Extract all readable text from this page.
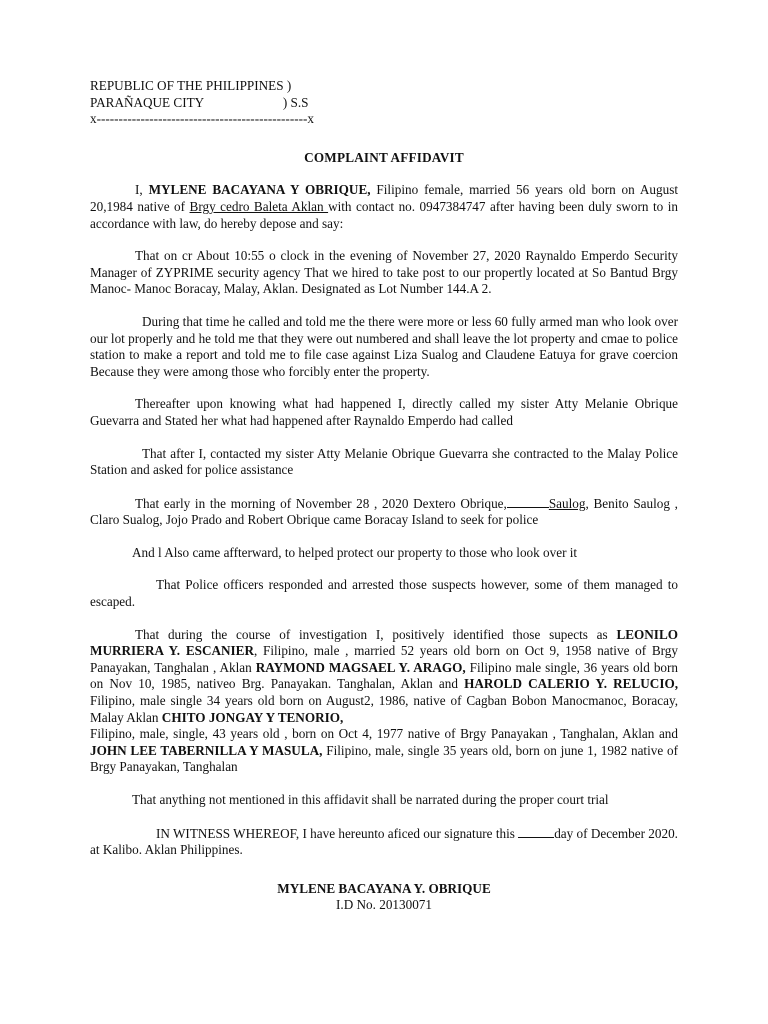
REPUBLIC OF THE PHILIPPINES )
PARAÑAQUE CITY                        ) S.S
x------------------------------------------------x
COMPLAINT AFFIDAVIT

I, MYLENE BACAYANA Y OBRIQUE, Filipino female, married 56 years old born on August 20,1984 native of Brgy cedro Baleta Aklan with contact no. 0947384747 after having been duly sworn to in accordance with law, do hereby depose and say:

That on cr About 10:55 o clock in the evening of November 27, 2020 Raynaldo Emperdo Security Manager of ZYPRIME security agency That we hired to take post to our propertly located at So Bantud Brgy Manoc- Manoc Boracay, Malay, Aklan. Designated as Lot Number 144.A 2.

During that time he called and told me the there were more or less 60 fully armed man who look over our lot properly and he told me that they were out numbered and shall leave the lot property and cmae to police station to make a report and told me to file case against Liza Sualog and Claudene Eatuya for grave coercion Because they were among those who forcibly enter the property.

Thereafter upon knowing what had happened I, directly called my sister Atty Melanie Obrique Guevarra and Stated her what had happened after Raynaldo Emperdo had called

That after I, contacted my sister Atty Melanie Obrique Guevarra she contracted to the Malay Police Station and asked for police assistance

That early in the morning of November 28 , 2020 Dextero Obrique,	Saulog, Benito Saulog , Claro Sualog, Jojo Prado and Robert Obrique came Boracay Island to seek for police

And l Also came affterward, to helped protect our property to those who look over it

That Police officers responded and arrested those suspects however, some of them managed to escaped.

That during the course of investigation I, positively identified those supects as LEONILO MURRIERA Y. ESCANIER, Filipino, male , married 52 years old born on Oct 9, 1958 native of Brgy Panayakan, Tanghalan , Aklan RAYMOND MAGSAEL Y. ARAGO, Filipino male single, 36 years old born on Nov 10, 1985, nativeo Brg. Panayakan. Tanghalan, Aklan and HAROLD CALERIO Y. RELUCIO, Filipino, male single 34 years old born on August2, 1986, native of Cagban Bobon Manocmanoc, Boracay, Malay Aklan CHITO JONGAY Y TENORIO,

Filipino, male, single, 43 years old , born on Oct 4, 1977 native of Brgy Panayakan , Tanghalan, Aklan and JOHN LEE TABERNILLA Y MASULA, Filipino, male, single 35 years old, born on june 1, 1982 native of Brgy Panayakan, Tanghalan

That anything not mentioned in this affidavit shall be narrated during the proper court trial

IN WITNESS WHEREOF, I have hereunto aficed our signature this	day of December 2020. at Kalibo. Aklan Philippines.

MYLENE BACAYANA Y. OBRIQUE
I.D No. 20130071
